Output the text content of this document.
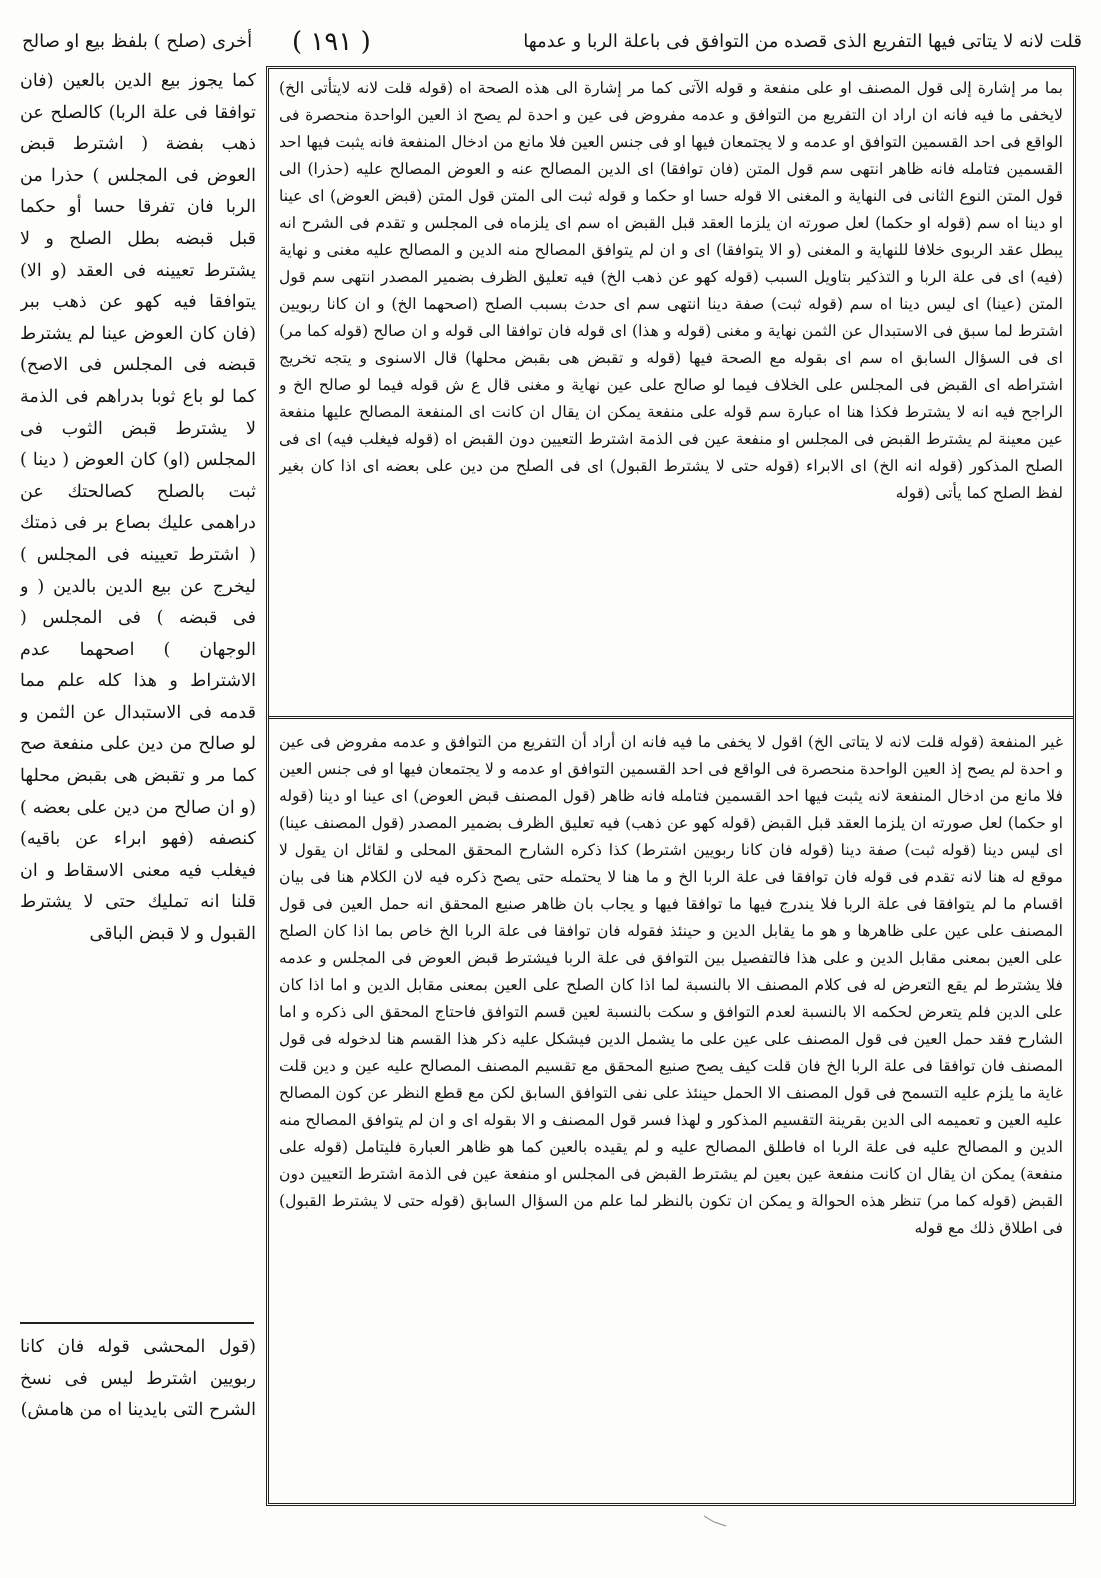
قلت لانه لا يتاتى فيها التفريع الذى قصده من التوافق فى باعلة الربا و عدمها
( ١٩١ )
أخرى (صلح ) بلفظ بيع او صالح

بما مر إشارة إلى قول المصنف او على منفعة و قوله الآتى كما مر إشارة الى هذه الصحة اه (قوله قلت لانه لايتأتى الخ) لايخفى ما فيه فانه ان اراد ان التفريع من التوافق و عدمه مفروض فى عين و احدة لم يصح اذ العين الواحدة منحصرة فى الواقع فى احد القسمين التوافق او عدمه و لا يجتمعان فيها او فى جنس العين فلا مانع من ادخال المنفعة فانه يثبت فيها احد القسمين فتامله فانه ظاهر انتهى سم قول المتن (فان توافقا) اى الدين المصالح عنه و العوض المصالح عليه (حذرا) الى قول المتن النوع الثانى فى النهاية و المغنى الا قوله حسا او حكما و قوله ثبت الى المتن قول المتن (قبض العوض) اى عينا او دينا اه سم (قوله او حكما) لعل صورته ان يلزما العقد قبل القبض اه سم اى يلزماه فى المجلس و تقدم فى الشرح انه يبطل عقد الربوى خلافا للنهاية و المغنى (و الا يتوافقا) اى و ان لم يتوافق المصالح منه الدين و المصالح عليه مغنى و نهاية (فيه) اى فى علة الربا و التذكير بتاويل السبب (قوله كهو عن ذهب الخ) فيه تعليق الظرف بضمير المصدر انتهى سم قول المتن (عينا) اى ليس دينا اه سم (قوله ثبت) صفة دينا انتهى سم اى حدث بسبب الصلح (اصحهما الخ) و ان كانا ربويين اشترط لما سبق فى الاستبدال عن الثمن نهاية و مغنى (قوله و هذا) اى قوله فان توافقا الى قوله و ان صالح (قوله كما مر) اى فى السؤال السابق اه سم اى بقوله مع الصحة فيها (قوله و تقبض هى بقبض محلها) قال الاسنوى و يتجه تخريج اشتراطه اى القبض فى المجلس على الخلاف فيما لو صالح على عين نهاية و مغنى قال ع ش قوله فيما لو صالح الخ و الراجح فيه انه لا يشترط فكذا هنا اه عبارة سم قوله على منفعة يمكن ان يقال ان كانت اى المنفعة المصالح عليها منفعة عين معينة لم يشترط القبض فى المجلس او منفعة عين فى الذمة اشترط التعيين دون القبض اه (قوله فيغلب فيه) اى فى الصلح المذكور (قوله انه الخ) اى الابراء (قوله حتى لا يشترط القبول) اى فى الصلح من دين على بعضه اى اذا كان بغير لفظ الصلح كما يأتى (قوله

غير المنفعة (قوله قلت لانه لا يتاتى الخ) اقول لا يخفى ما فيه فانه ان أراد أن التفريع من التوافق و عدمه مفروض فى عين و احدة لم يصح إذ العين الواحدة منحصرة فى الواقع فى احد القسمين التوافق او عدمه و لا يجتمعان فيها او فى جنس العين فلا مانع من ادخال المنفعة لانه يثبت فيها احد القسمين فتامله فانه ظاهر (قول المصنف قبض العوض) اى عينا او دينا (قوله او حكما) لعل صورته ان يلزما العقد قبل القبض (قوله كهو عن ذهب) فيه تعليق الظرف بضمير المصدر (قول المصنف عينا) اى ليس دينا (قوله ثبت) صفة دينا (قوله فان كانا ربويين اشترط) كذا ذكره الشارح المحقق المحلى و لقائل ان يقول لا موقع له هنا لانه تقدم فى قوله فان توافقا فى علة الربا الخ و ما هنا لا يحتمله حتى يصح ذكره فيه لان الكلام هنا فى بيان اقسام ما لم يتوافقا فى علة الربا فلا يندرج فيها ما توافقا فيها و يجاب بان ظاهر صنيع المحقق انه حمل العين فى قول المصنف على عين على ظاهرها و هو ما يقابل الدين و حينئذ فقوله فان توافقا فى علة الربا الخ خاص بما اذا كان الصلح على العين بمعنى مقابل الدين و على هذا فالتفصيل بين التوافق فى علة الربا فيشترط قبض العوض فى المجلس و عدمه فلا يشترط لم يقع التعرض له فى كلام المصنف الا بالنسبة لما اذا كان الصلح على العين بمعنى مقابل الدين و اما اذا كان على الدين فلم يتعرض لحكمه الا بالنسبة لعدم التوافق و سكت بالنسبة لعين قسم التوافق فاحتاج المحقق الى ذكره و اما الشارح فقد حمل العين فى قول المصنف على عين على ما يشمل الدين فيشكل عليه ذكر هذا القسم هنا لدخوله فى قول المصنف فان توافقا فى علة الربا الخ فان قلت كيف يصح صنيع المحقق مع تقسيم المصنف المصالح عليه عين و دين قلت غاية ما يلزم عليه التسمح فى قول المصنف الا الحمل حينئذ على نفى التوافق السابق لكن مع قطع النظر عن كون المصالح عليه العين و تعميمه الى الدين بقرينة التقسيم المذكور و لهذا فسر قول المصنف و الا بقوله اى و ان لم يتوافق المصالح منه الدين و المصالح عليه فى علة الربا اه فاطلق المصالح عليه و لم يقيده بالعين كما هو ظاهر العبارة فليتامل (قوله على منفعة) يمكن ان يقال ان كانت منفعة عين بعين لم يشترط القبض فى المجلس او منفعة عين فى الذمة اشترط التعيين دون القبض (قوله كما مر) تنظر هذه الحوالة و يمكن ان تكون بالنظر لما علم من السؤال السابق (قوله حتى لا يشترط القبول) فى اطلاق ذلك مع قوله

كما يجوز بيع الدين بالعين (فان توافقا فى علة الربا) كالصلح عن ذهب بفضة ( اشترط قبض العوض فى المجلس ) حذرا من الربا فان تفرقا حسا أو حكما قبل قبضه بطل الصلح و لا يشترط تعيينه فى العقد (و الا) يتوافقا فيه كهو عن ذهب ببر (فان كان العوض عينا لم يشترط قبضه فى المجلس فى الاصح) كما لو باع ثوبا بدراهم فى الذمة لا يشترط قبض الثوب فى المجلس (او) كان العوض ( دينا ) ثبت بالصلح كصالحتك عن دراهمى عليك بصاع بر فى ذمتك ( اشترط تعيينه فى المجلس ) ليخرج عن بيع الدين بالدين ( و فى قبضه ) فى المجلس ( الوجهان ) اصحهما عدم الاشتراط و هذا كله علم مما قدمه فى الاستبدال عن الثمن و لو صالح من دين على منفعة صح كما مر و تقبض هى بقبض محلها (و ان صالح من دين على بعضه ) كنصفه (فهو ابراء عن باقيه) فيغلب فيه معنى الاسقاط و ان قلنا انه تمليك حتى لا يشترط القبول و لا قبض الباقى

(قول المحشى قوله فان كانا ربويين اشترط ليس فى نسخ الشرح التى بايدينا اه من هامش)
